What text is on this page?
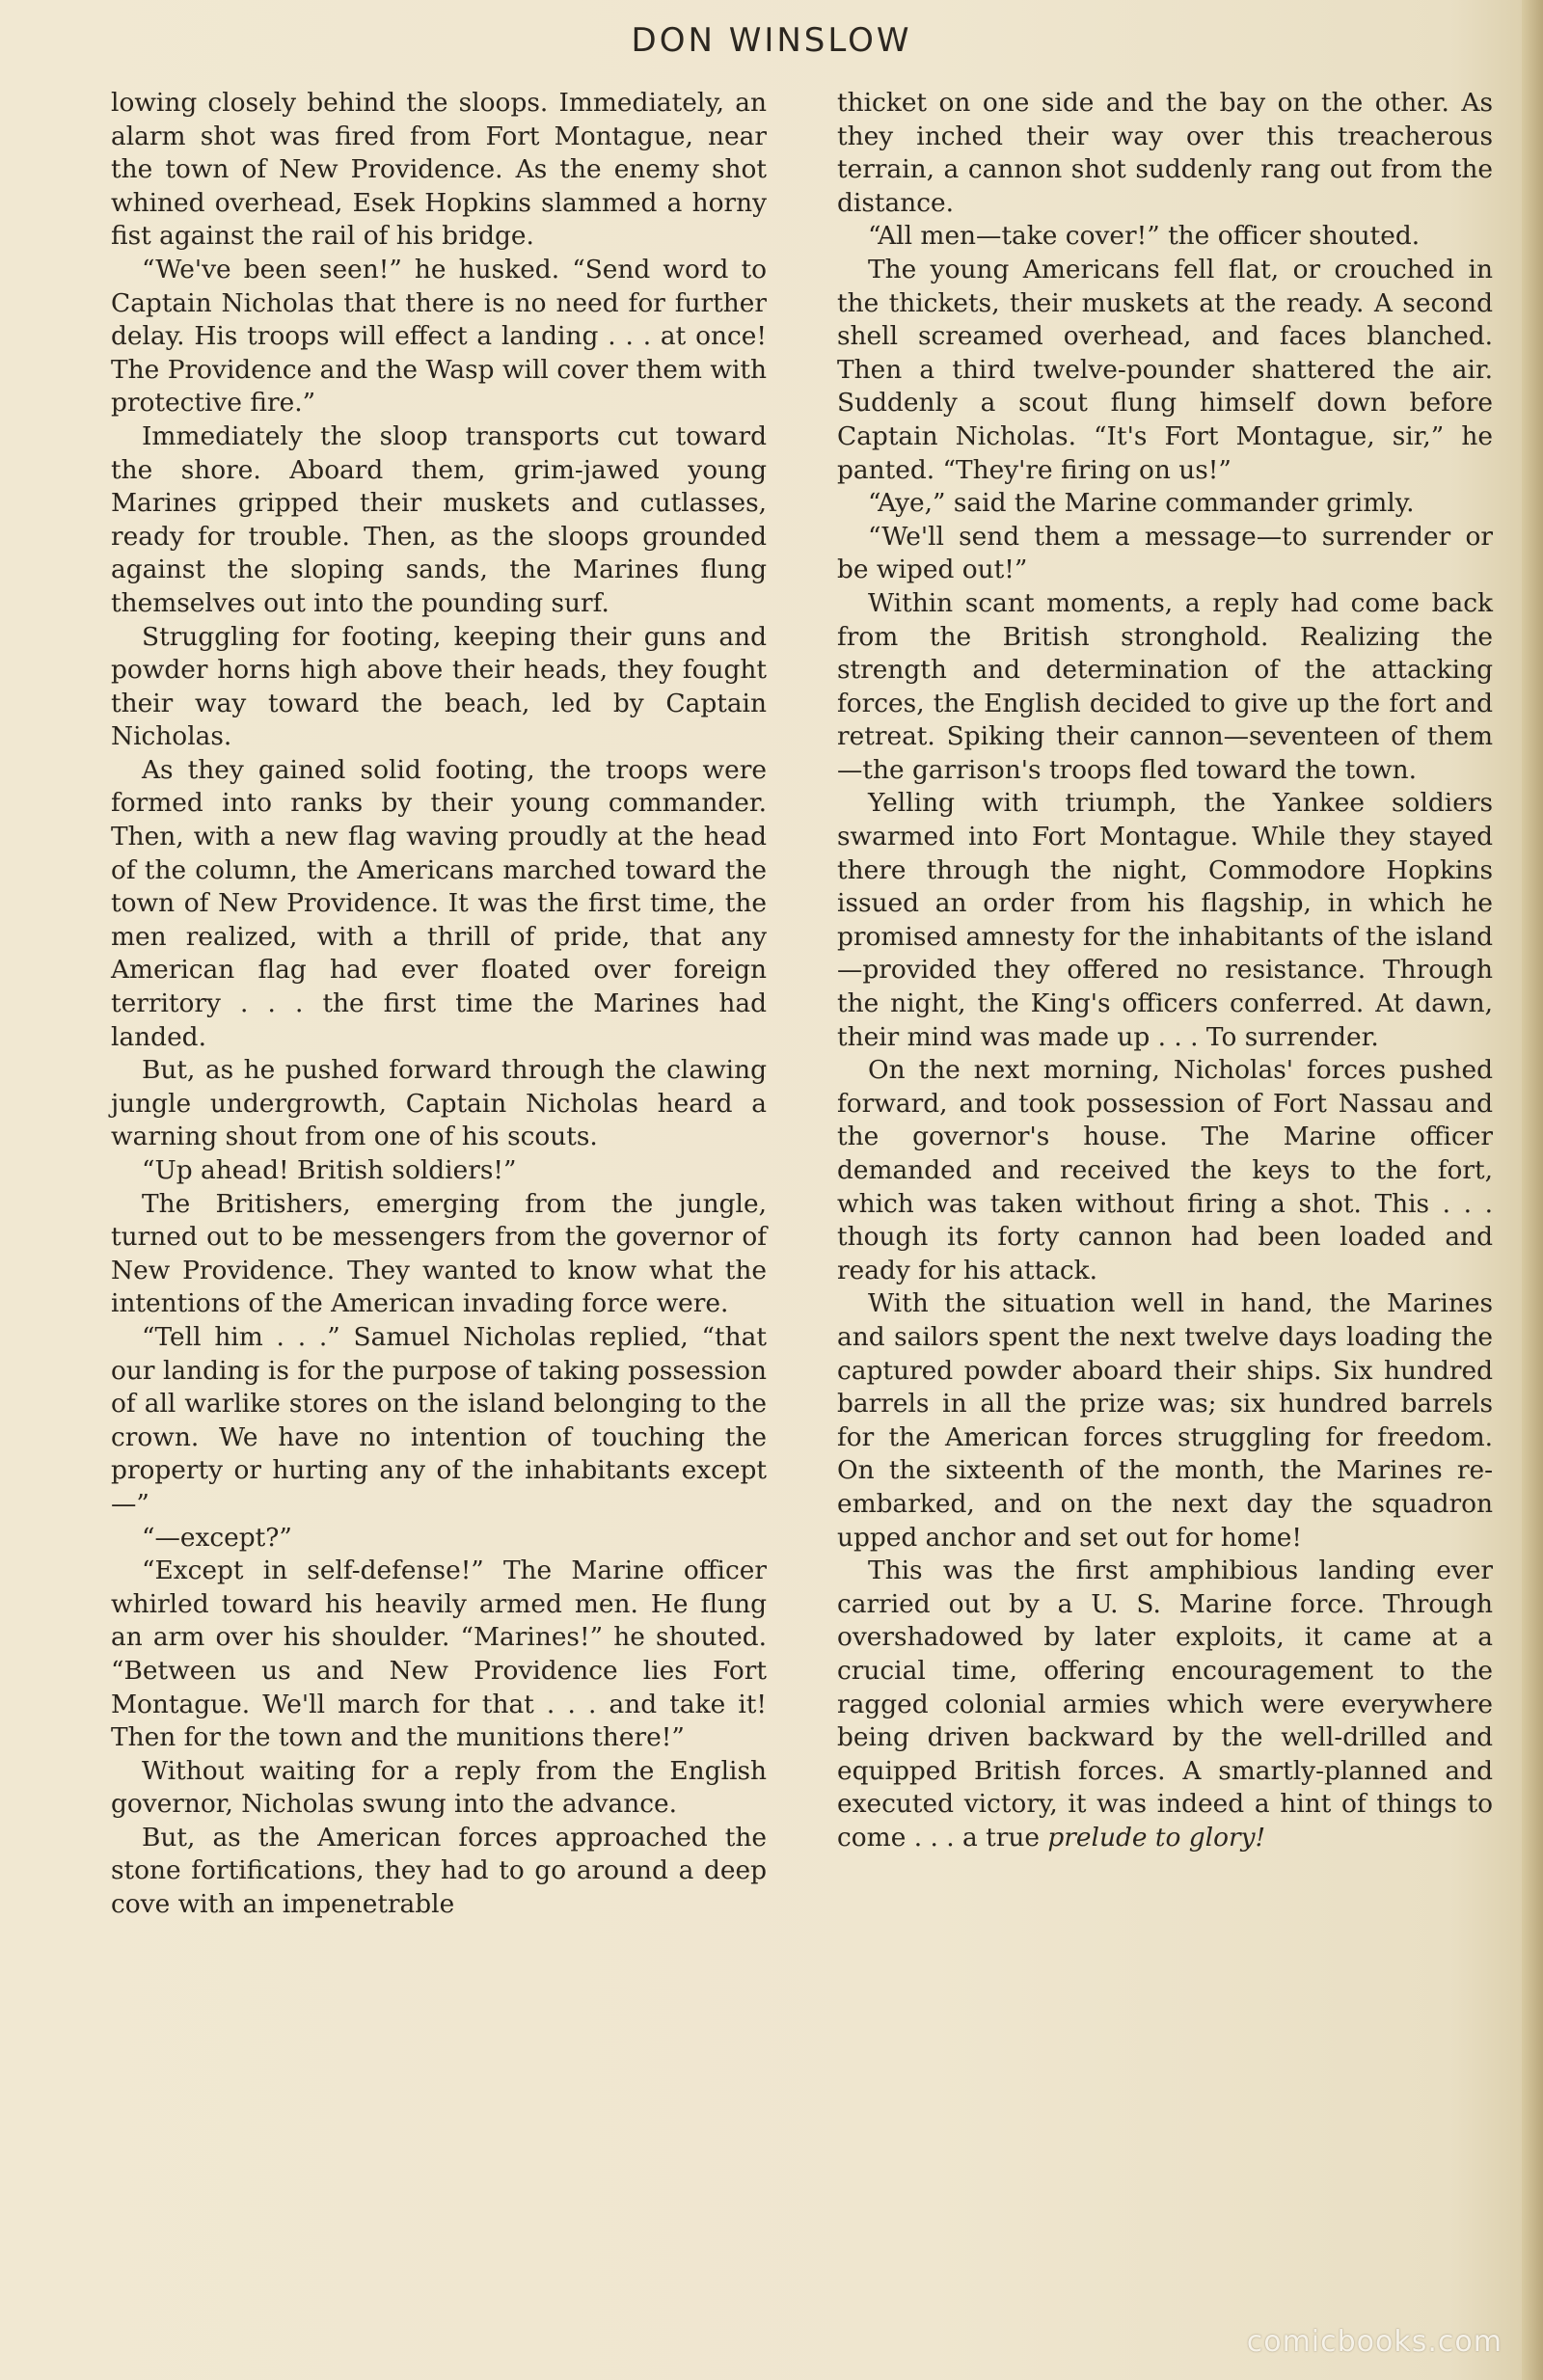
DON WINSLOW

lowing closely behind the sloops. Immediately, an alarm shot was fired from Fort Montague, near the town of New Providence. As the enemy shot whined overhead, Esek Hopkins slammed a horny fist against the rail of his bridge.

“We've been seen!” he husked. “Send word to Captain Nicholas that there is no need for further delay. His troops will effect a landing . . . at once! The Providence and the Wasp will cover them with protective fire.”

Immediately the sloop transports cut toward the shore. Aboard them, grim-jawed young Marines gripped their muskets and cutlasses, ready for trouble. Then, as the sloops grounded against the sloping sands, the Marines flung themselves out into the pounding surf.

Struggling for footing, keeping their guns and powder horns high above their heads, they fought their way toward the beach, led by Captain Nicholas.

As they gained solid footing, the troops were formed into ranks by their young commander. Then, with a new flag waving proudly at the head of the column, the Americans marched toward the town of New Providence. It was the first time, the men realized, with a thrill of pride, that any American flag had ever floated over foreign territory . . . the first time the Marines had landed.

But, as he pushed forward through the clawing jungle undergrowth, Captain Nicholas heard a warning shout from one of his scouts.

“Up ahead! British soldiers!”

The Britishers, emerging from the jungle, turned out to be messengers from the governor of New Providence. They wanted to know what the intentions of the American invading force were.

“Tell him . . .” Samuel Nicholas replied, “that our landing is for the purpose of taking possession of all warlike stores on the island belonging to the crown. We have no intention of touching the property or hurting any of the inhabitants except—”

“—except?”

“Except in self-defense!” The Marine officer whirled toward his heavily armed men. He flung an arm over his shoulder. “Marines!” he shouted. “Between us and New Providence lies Fort Montague. We'll march for that . . . and take it! Then for the town and the munitions there!”

Without waiting for a reply from the English governor, Nicholas swung into the advance.

But, as the American forces approached the stone fortifications, they had to go around a deep cove with an impenetrable

thicket on one side and the bay on the other. As they inched their way over this treacherous terrain, a cannon shot suddenly rang out from the distance.

“All men—take cover!” the officer shouted.

The young Americans fell flat, or crouched in the thickets, their muskets at the ready. A second shell screamed overhead, and faces blanched. Then a third twelve-pounder shattered the air. Suddenly a scout flung himself down before Captain Nicholas. “It's Fort Montague, sir,” he panted. “They're firing on us!”

“Aye,” said the Marine commander grimly.

“We'll send them a message—to surrender or be wiped out!”

Within scant moments, a reply had come back from the British stronghold. Realizing the strength and determination of the attacking forces, the English decided to give up the fort and retreat. Spiking their cannon—seventeen of them—the garrison's troops fled toward the town.

Yelling with triumph, the Yankee soldiers swarmed into Fort Montague. While they stayed there through the night, Commodore Hopkins issued an order from his flagship, in which he promised amnesty for the inhabitants of the island—provided they offered no resistance. Through the night, the King's officers conferred. At dawn, their mind was made up . . . To surrender.

On the next morning, Nicholas' forces pushed forward, and took possession of Fort Nassau and the governor's house. The Marine officer demanded and received the keys to the fort, which was taken without firing a shot. This . . . though its forty cannon had been loaded and ready for his attack.

With the situation well in hand, the Marines and sailors spent the next twelve days loading the captured powder aboard their ships. Six hundred barrels in all the prize was; six hundred barrels for the American forces struggling for freedom. On the sixteenth of the month, the Marines re-embarked, and on the next day the squadron upped anchor and set out for home!

This was the first amphibious landing ever carried out by a U. S. Marine force. Through overshadowed by later exploits, it came at a crucial time, offering encouragement to the ragged colonial armies which were everywhere being driven backward by the well-drilled and equipped British forces. A smartly-planned and executed victory, it was indeed a hint of things to come . . . a true prelude to glory!

comicbooks.com
